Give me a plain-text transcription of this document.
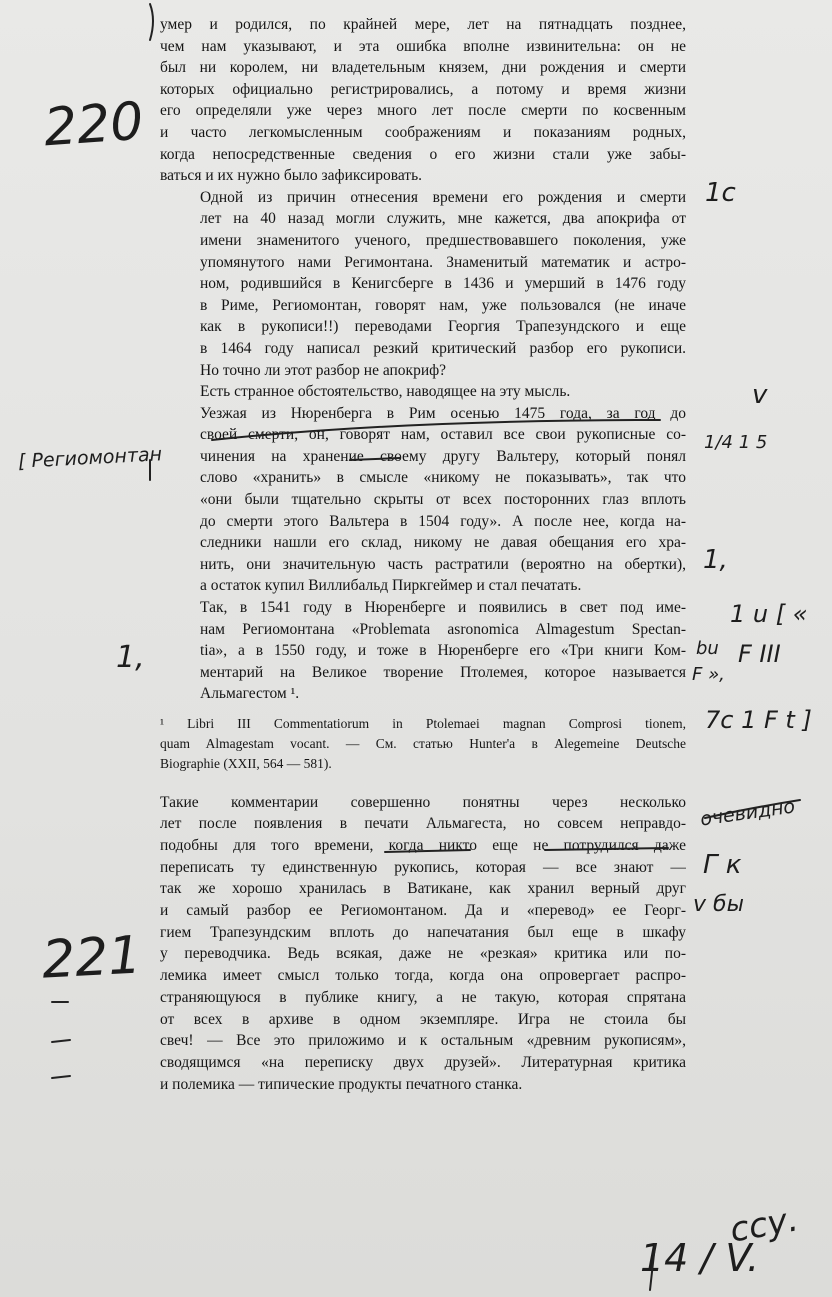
умер и родился, по крайней мере, лет на пятнадцать позднее,
чем нам указывают, и эта ошибка вполне извинительна: он не
был ни королем, ни владетельным князем, дни рождения и смерти
которых официально регистрировались, а потому и время жизни
его определяли уже через много лет после смерти по косвенным
и часто легкомысленным соображениям и показаниям родных,
когда непосредственные сведения о его жизни стали уже забы-
ваться и их нужно было зафиксировать.

Одной из причин отнесения времени его рождения и смерти
лет на 40 назад могли служить, мне кажется, два апокрифа от
имени знаменитого ученого, предшествовавшего поколения, уже
упомянутого нами Регимонтана. Знаменитый математик и астро-
ном, родившийся в Кенигсберге в 1436 и умерший в 1476 году
в Риме, Региомонтан, говорят нам, уже пользовался (не иначе
как в рукописи!!) переводами Георгия Трапезундского и еще
в 1464 году написал резкий критический разбор его рукописи.
Но точно ли этот разбор не апокриф?

Есть странное обстоятельство, наводящее на эту мысль.

Уезжая из Нюренберга в Рим осенью 1475 года, за год до
своей смерти, он, говорят нам, оставил все свои рукописные со-
чинения на хранение своему другу Вальтеру, который понял
слово «хранить» в смысле «никому не показывать», так что
«они были тщательно скрыты от всех посторонних глаз вплоть
до смерти этого Вальтера в 1504 году». А после нее, когда на-
следники нашли его склад, никому не давая обещания его хра-
нить, они значительную часть растратили (вероятно на обертки),
а остаток купил Виллибальд Пиркгеймер и стал печатать.

Так, в 1541 году в Нюренберге и появились в свет под име-
нам Региомонтана «Problemata asronomica Almagestum Spectan-
tia», а в 1550 году, и тоже в Нюренберге его «Три книги Ком-
ментарий на Великое творение Птолемея, которое называется
Альмагестом ¹.

¹ Libri III Commentatiorum in Ptolemaei magnan Comprosi tionem,
quam Almagestam vocant. — См. статью Hunter'a в Alegemeine Deutsche
Biographie (XXII, 564 — 581).

Такие комментарии совершенно понятны через несколько
лет после появления в печати Альмагеста, но совсем неправдо-
подобны для того времени, когда никто еще не потрудился даже
переписать ту единственную рукопись, которая — все знают —
так же хорошо хранилась в Ватикане, как хранил верный друг
и самый разбор ее Региомонтаном. Да и «перевод» ее Георг-
гием Трапезундским вплоть до напечатания был еще в шкафу
у переводчика. Ведь всякая, даже не «резкая» критика или по-
лемика имеет смысл только тогда, когда она опровергает распро-
страняющуюся в публике книгу, а не такую, которая спрятана
от всех в архиве в одном экземпляре. Игра не стоила бы
свеч! — Все это приложимо и к остальным «древним рукописям»,
сводящимся «на переписку двух друзей». Литературная критика
и полемика — типические продукты печатного станка.

220
221
[ Региомонтан
1c
v
1/4 1 5
1,
1,
1 u [ «
F III
bu
F »,
7c 1 F t ]
очевидно
Г к
v бы
14 / V.
ссу.
